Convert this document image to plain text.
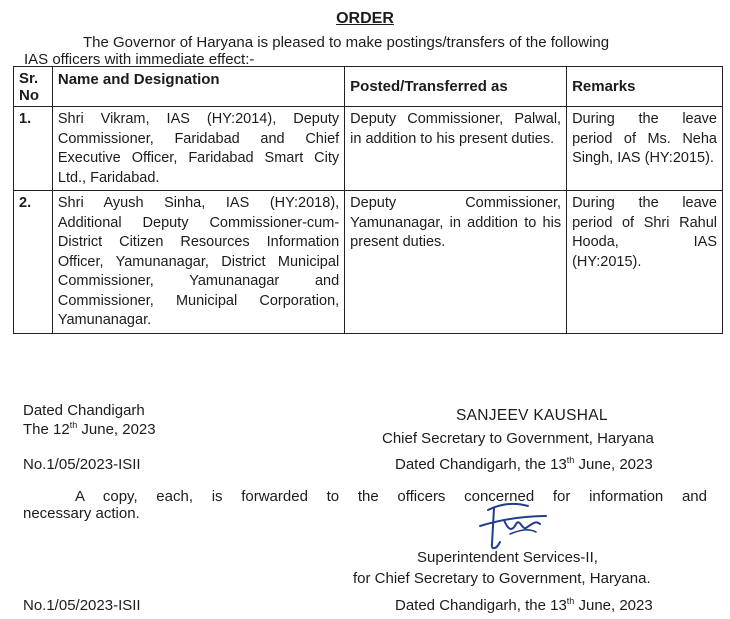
ORDER
The Governor of Haryana is pleased to make postings/transfers of the following
IAS officers with immediate effect:-
Sr.
No	Name and Designation	Posted/Transferred as	Remarks
1.	Shri Vikram, IAS (HY:2014), Deputy Commissioner, Faridabad and Chief Executive Officer, Faridabad Smart City Ltd., Faridabad.	Deputy Commissioner, Palwal, in addition to his present duties.	During the leave period of Ms. Neha Singh, IAS (HY:2015).
2.	Shri Ayush Sinha, IAS (HY:2018), Additional Deputy Commissioner-cum-District Citizen Resources Information Officer, Yamunanagar, District Municipal Commissioner, Yamunanagar and Commissioner, Municipal Corporation, Yamunanagar.	Deputy Commissioner, Yamunanagar, in addition to his present duties.	During the leave period of Shri Rahul Hooda, IAS (HY:2015).
Dated Chandigarh
The 12th June, 2023
SANJEEV KAUSHAL
Chief Secretary to Government, Haryana
No.1/05/2023-ISII	Dated Chandigarh, the 13th June, 2023
A copy, each, is forwarded to the officers concerned for information and
necessary action.
Superintendent Services-II,
for Chief Secretary to Government, Haryana.
No.1/05/2023-ISII	Dated Chandigarh, the 13th June, 2023
